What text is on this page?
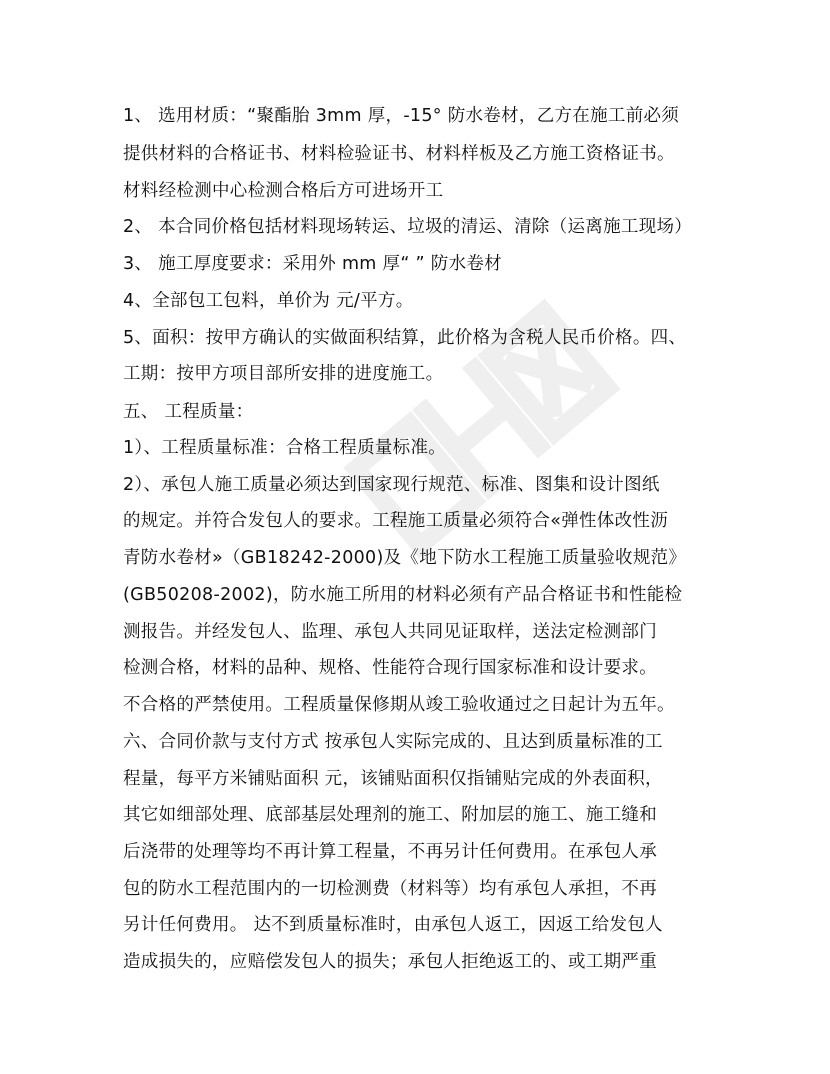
1、 选用材质：“聚酯胎 3mm 厚，-15° 防水卷材，乙方在施工前必须
提供材料的合格证书、材料检验证书、材料样板及乙方施工资格证书。
材料经检测中心检测合格后方可进场开工
2、 本合同价格包括材料现场转运、垃圾的清运、清除（运离施工现场）
3、 施工厚度要求：采用外 mm 厚“ ” 防水卷材
4、全部包工包料，单价为 元/平方。
5、面积：按甲方确认的实做面积结算，此价格为含税人民币价格。四、
工期：按甲方项目部所安排的进度施工。
五、 工程质量：
1）、工程质量标准：合格工程质量标准。
2）、承包人施工质量必须达到国家现行规范、标准、图集和设计图纸
的规定。并符合发包人的要求。工程施工质量必须符合«弹性体改性沥
青防水卷材»（GB18242-2000)及《地下防水工程施工质量验收规范》
(GB50208-2002)，防水施工所用的材料必须有产品合格证书和性能检
测报告。并经发包人、监理、承包人共同见证取样，送法定检测部门
检测合格，材料的品种、规格、性能符合现行国家标准和设计要求。
不合格的严禁使用。工程质量保修期从竣工验收通过之日起计为五年。
六、合同价款与支付方式 按承包人实际完成的、且达到质量标准的工
程量，每平方米铺贴面积 元，该铺贴面积仅指铺贴完成的外表面积，
其它如细部处理、底部基层处理剂的施工、附加层的施工、施工缝和
后浇带的处理等均不再计算工程量，不再另计任何费用。在承包人承
包的防水工程范围内的一切检测费（材料等）均有承包人承担，不再
另计任何费用。 达不到质量标准时，由承包人返工，因返工给发包人
造成损失的，应赔偿发包人的损失；承包人拒绝返工的、或工期严重
